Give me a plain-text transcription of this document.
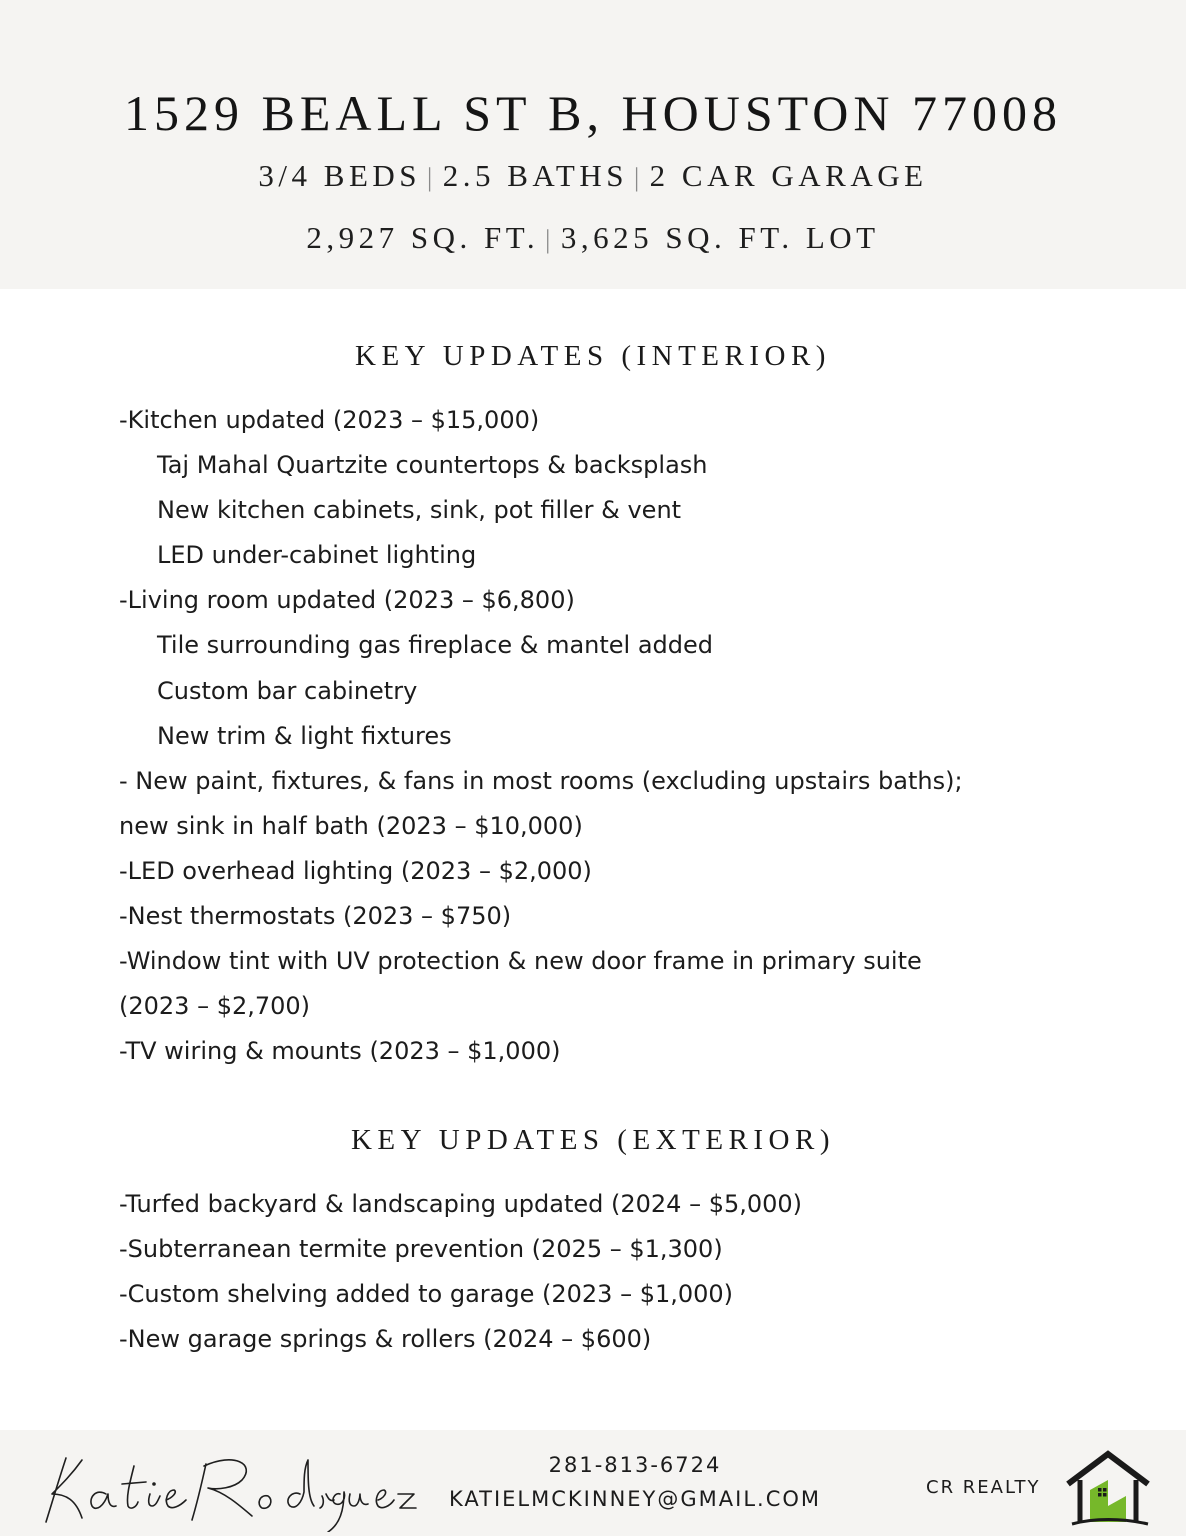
1529 BEALL ST B, HOUSTON 77008
3/4 BEDS | 2.5 BATHS | 2 CAR GARAGE
2,927 SQ. FT. | 3,625 SQ. FT. LOT
KEY UPDATES (INTERIOR)
-Kitchen updated (2023 – $15,000)
Taj Mahal Quartzite countertops & backsplash
New kitchen cabinets, sink, pot filler & vent
LED under-cabinet lighting
-Living room updated (2023 – $6,800)
Tile surrounding gas fireplace & mantel added
Custom bar cabinetry
New trim & light fixtures
- New paint, fixtures, & fans in most rooms (excluding upstairs baths);
new sink in half bath (2023 – $10,000)
-LED overhead lighting (2023 – $2,000)
-Nest thermostats (2023 – $750)
-Window tint with UV protection & new door frame in primary suite
(2023 – $2,700)
-TV wiring & mounts (2023 – $1,000)
KEY UPDATES (EXTERIOR)
-Turfed backyard & landscaping updated (2024 – $5,000)
-Subterranean termite prevention (2025 – $1,300)
-Custom shelving added to garage (2023 – $1,000)
-New garage springs & rollers (2024 – $600)
281-813-6724
KATIELMCKINNEY@GMAIL.COM	CR REALTY
